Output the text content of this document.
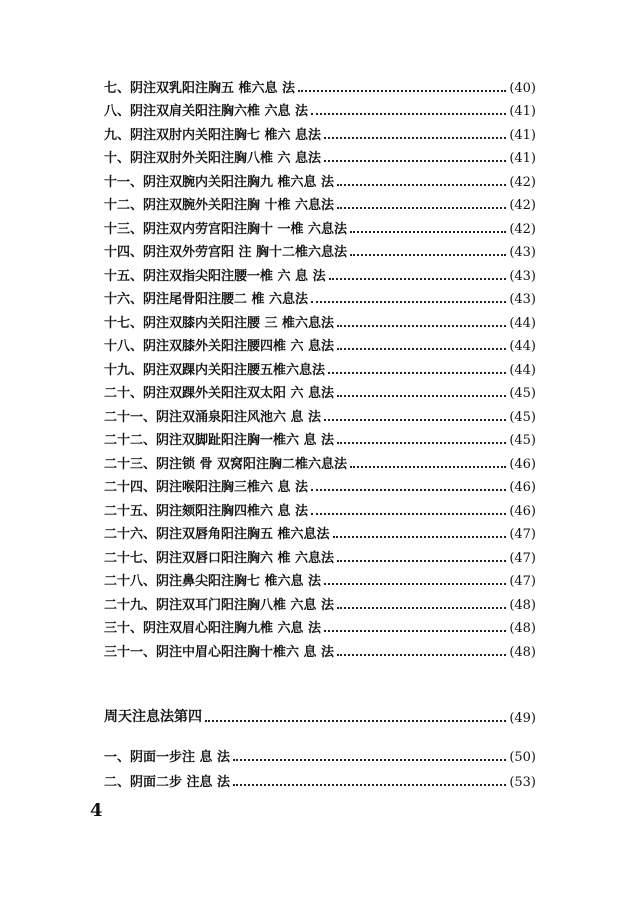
七、阴注双乳阳注胸五 椎六息 法	(40)
八、阴注双肩关阳注胸六椎 六息 法	(41)
九、阴注双肘内关阳注胸七 椎六 息法	(41)
十、阴注双肘外关阳注胸八椎 六 息法	(41)
十一、阴注双腕内关阳注胸九 椎六息 法	(42)
十二、阴注双腕外关阳注胸 十椎 六息法	(42)
十三、阴注双内劳宫阳注胸十 一椎 六息法	(42)
十四、阴注双外劳宫阳 注 胸十二椎六息法	(43)
十五、阴注双指尖阳注腰一椎 六 息 法	(43)
十六、阴注尾骨阳注腰二 椎 六息法	(43)
十七、阴注双膝内关阳注腰 三 椎六息法	(44)
十八、阴注双膝外关阳注腰四椎 六 息法	(44)
十九、阴注双踝内关阳注腰五椎六息法	(44)
二十、阴注双踝外关阳注双太阳 六 息法	(45)
二十一、阴注双涌泉阳注风池六 息 法	(45)
二十二、阴注双脚趾阳注胸一椎六 息 法	(45)
二十三、阴注锁 骨 双窝阳注胸二椎六息法	(46)
二十四、阴注喉阳注胸三椎六 息 法	(46)
二十五、阴注颏阳注胸四椎六 息 法	(46)
二十六、阴注双唇角阳注胸五 椎六息法	(47)
二十七、阴注双唇口阳注胸六 椎 六息法	(47)
二十八、阴注鼻尖阳注胸七 椎六息 法	(47)
二十九、阴注双耳门阳注胸八椎 六息 法	(48)
三十、阴注双眉心阳注胸九椎 六息 法	(48)
三十一、阴注中眉心阳注胸十椎六 息 法	(48)
周天注息法第四	(49)
一、阴面一步注 息 法	(50)
二、阴面二步 注息 法	(53)
4
